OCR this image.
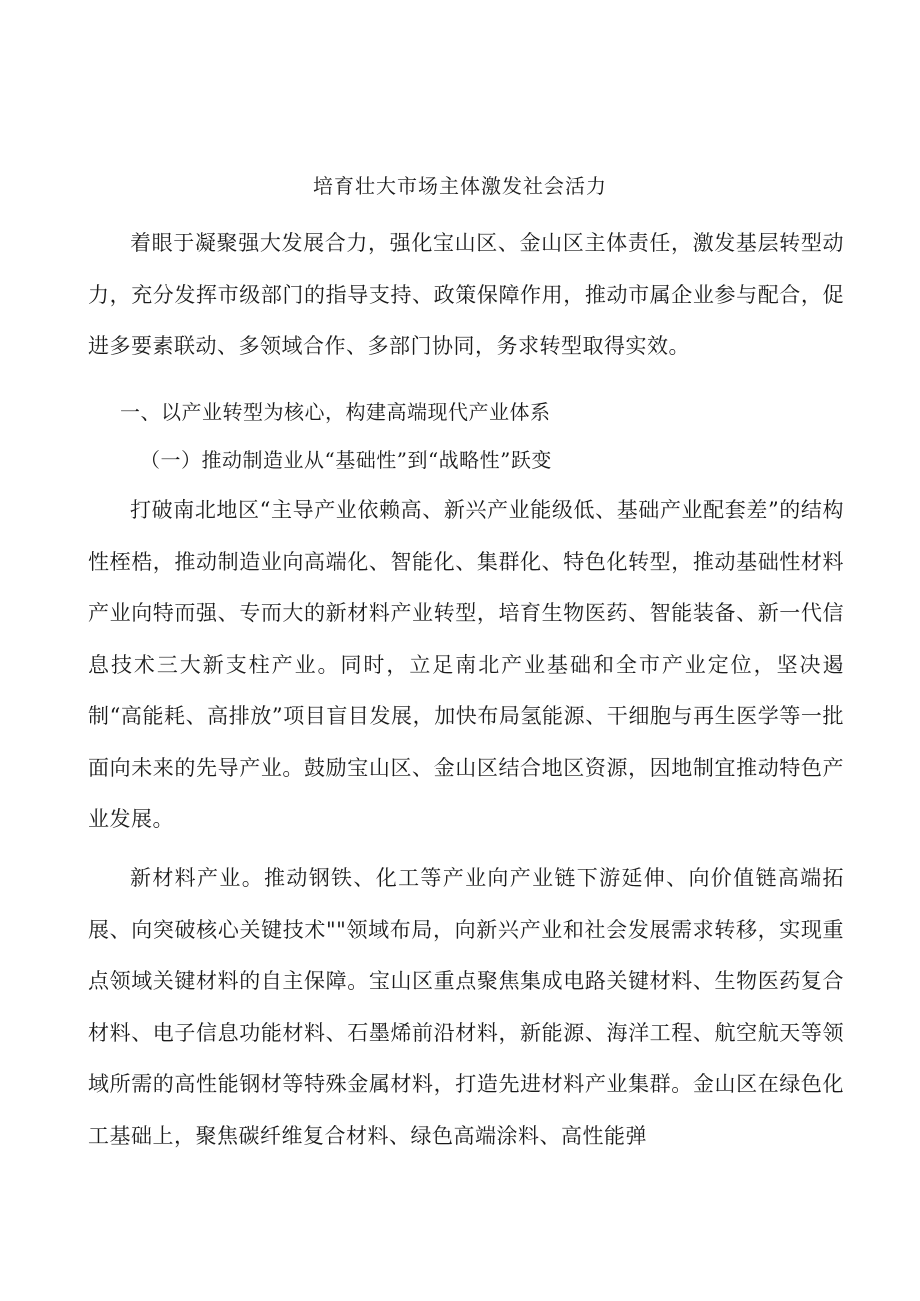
培育壮大市场主体激发社会活力

着眼于凝聚强大发展合力，强化宝山区、金山区主体责任，激发基层转型动力，充分发挥市级部门的指导支持、政策保障作用，推动市属企业参与配合，促进多要素联动、多领域合作、多部门协同，务求转型取得实效。

一、以产业转型为核心，构建高端现代产业体系

（一）推动制造业从“基础性”到“战略性”跃变

打破南北地区“主导产业依赖高、新兴产业能级低、基础产业配套差”的结构性桎梏，推动制造业向高端化、智能化、集群化、特色化转型，推动基础性材料产业向特而强、专而大的新材料产业转型，培育生物医药、智能装备、新一代信息技术三大新支柱产业。同时，立足南北产业基础和全市产业定位，坚决遏制“高能耗、高排放”项目盲目发展，加快布局氢能源、干细胞与再生医学等一批面向未来的先导产业。鼓励宝山区、金山区结合地区资源，因地制宜推动特色产业发展。

新材料产业。推动钢铁、化工等产业向产业链下游延伸、向价值链高端拓展、向突破核心关键技术""领域布局，向新兴产业和社会发展需求转移，实现重点领域关键材料的自主保障。宝山区重点聚焦集成电路关键材料、生物医药复合材料、电子信息功能材料、石墨烯前沿材料，新能源、海洋工程、航空航天等领域所需的高性能钢材等特殊金属材料，打造先进材料产业集群。金山区在绿色化工基础上，聚焦碳纤维复合材料、绿色高端涂料、高性能弹
